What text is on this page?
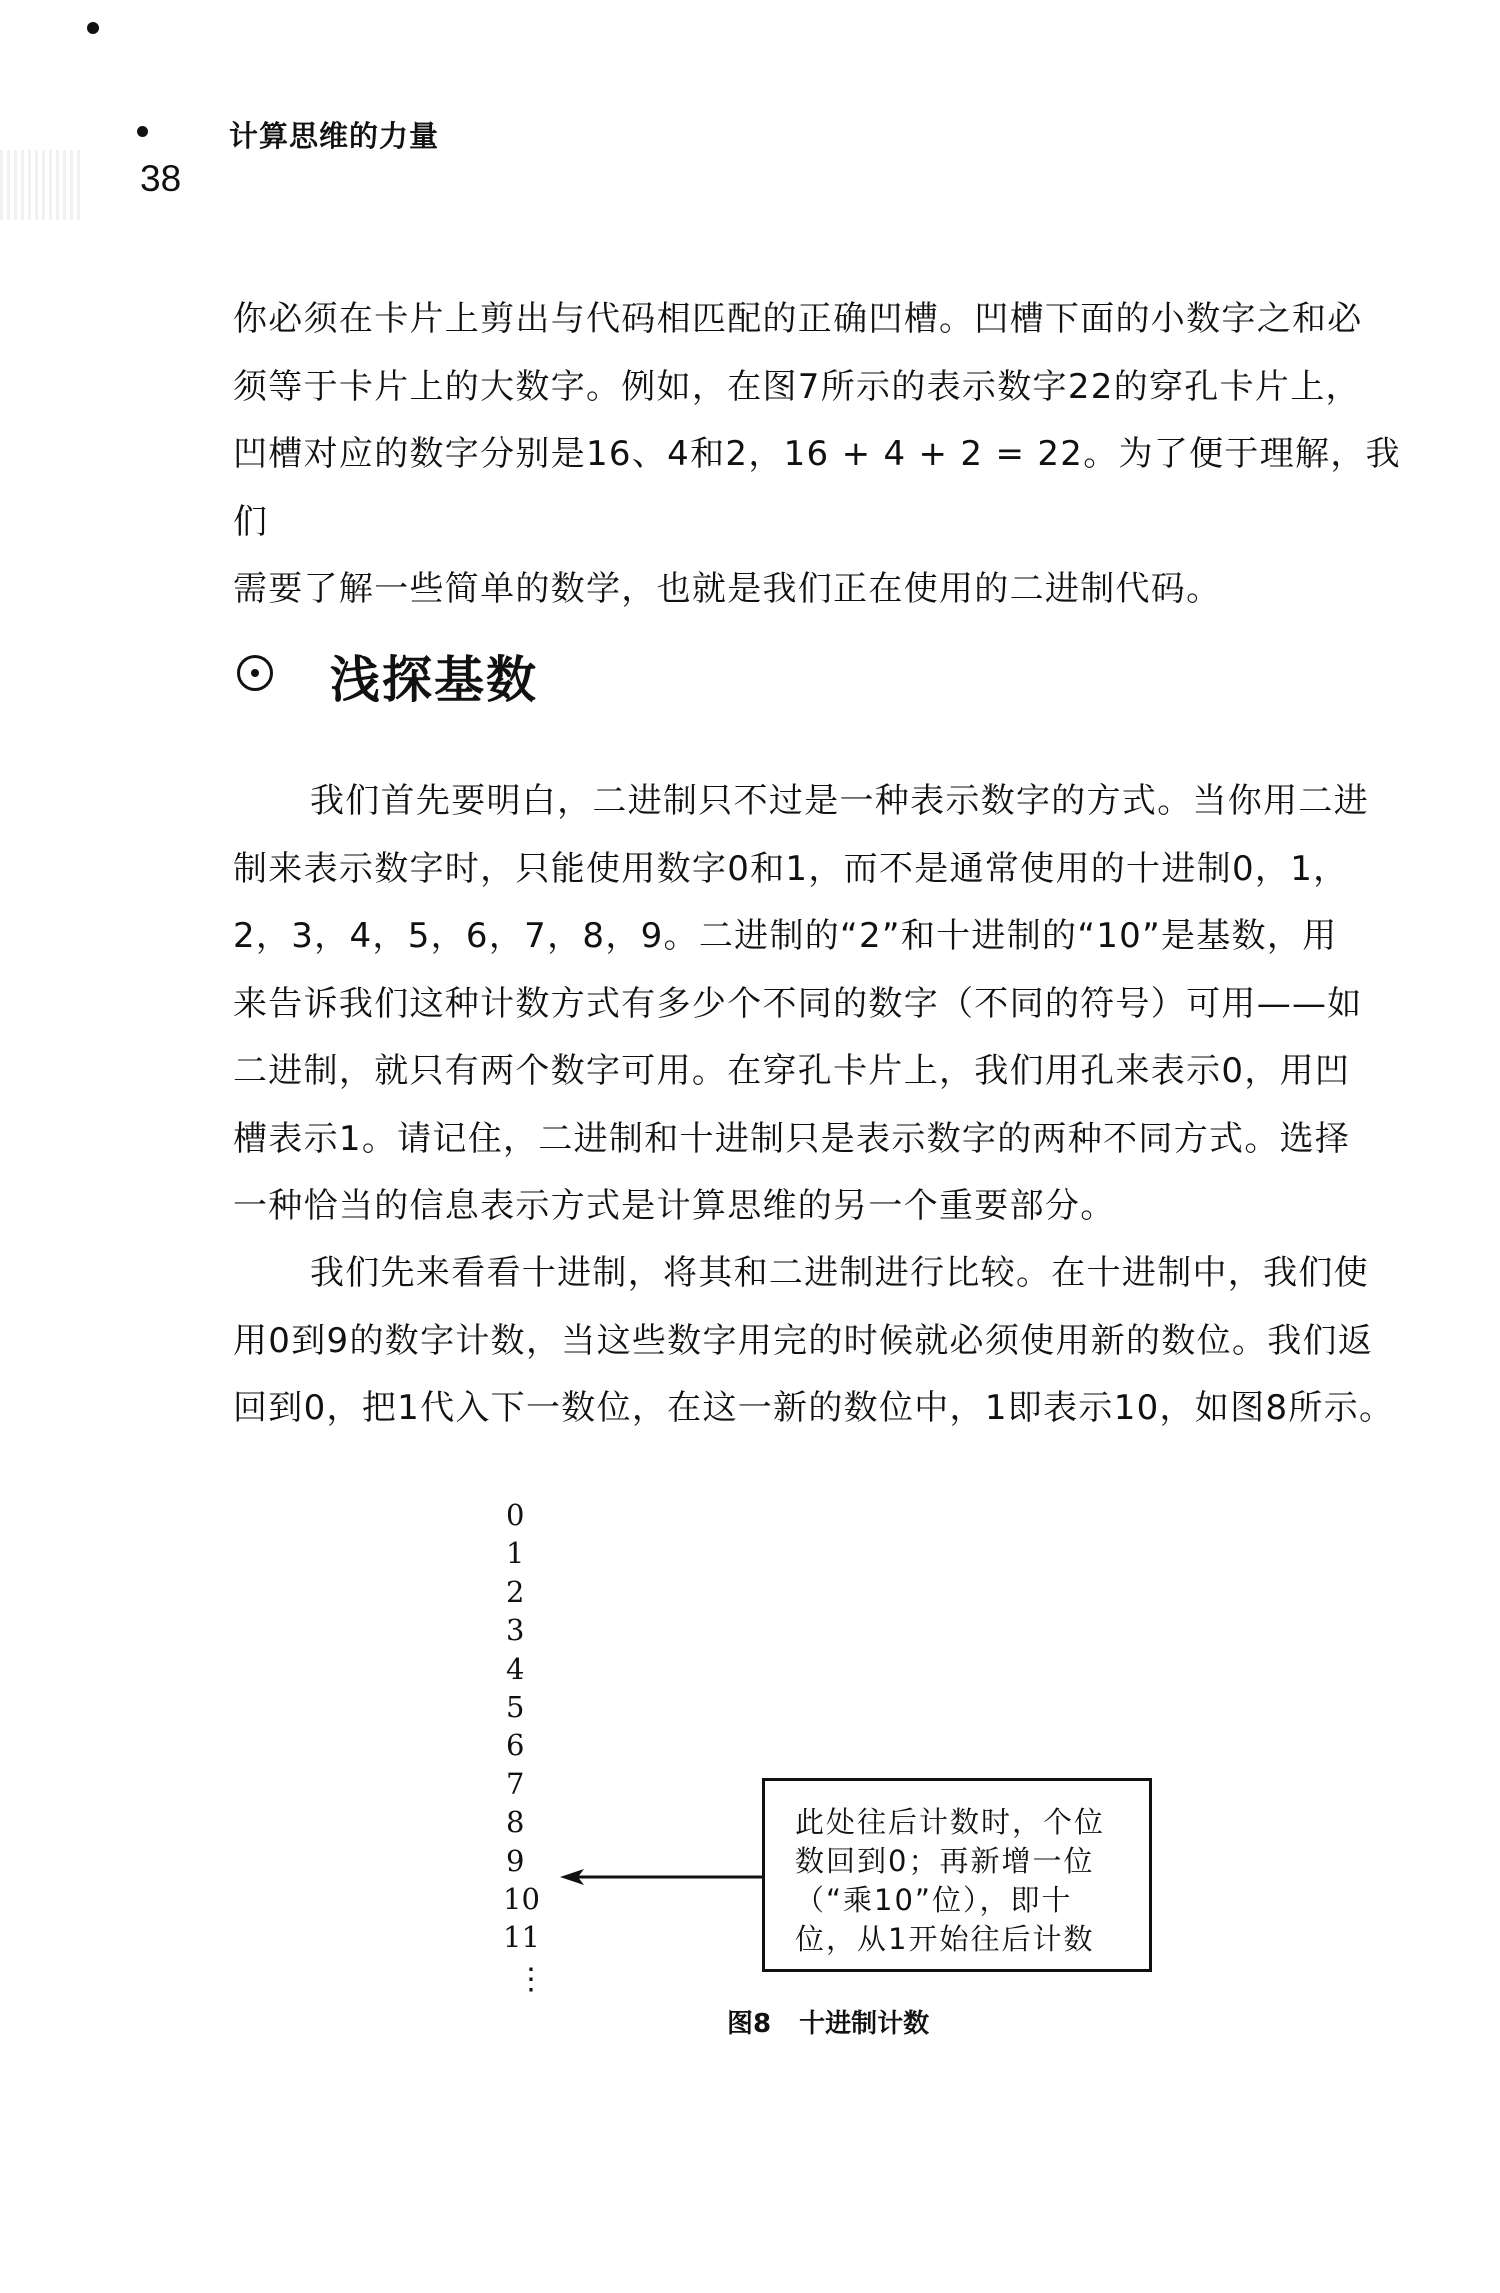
计算思维的力量
38

你必须在卡片上剪出与代码相匹配的正确凹槽。凹槽下面的小数字之和必

须等于卡片上的大数字。例如，在图7所示的表示数字22的穿孔卡片上，

凹槽对应的数字分别是16、4和2，16 + 4 + 2 = 22。为了便于理解，我们

需要了解一些简单的数学，也就是我们正在使用的二进制代码。

浅探基数

我们首先要明白，二进制只不过是一种表示数字的方式。当你用二进

制来表示数字时，只能使用数字0和1，而不是通常使用的十进制0，1，

2，3，4，5，6，7，8，9。二进制的“2”和十进制的“10”是基数，用

来告诉我们这种计数方式有多少个不同的数字（不同的符号）可用——如

二进制，就只有两个数字可用。在穿孔卡片上，我们用孔来表示0，用凹

槽表示1。请记住，二进制和十进制只是表示数字的两种不同方式。选择

一种恰当的信息表示方式是计算思维的另一个重要部分。

我们先来看看十进制，将其和二进制进行比较。在十进制中，我们使

用0到9的数字计数，当这些数字用完的时候就必须使用新的数位。我们返

回到0，把1代入下一数位，在这一新的数位中，1即表示10，如图8所示。

0
1
2
3
4
5
6
7
8
9
10
11
⋮
此处往后计数时，个位
数回到0；再新增一位
（“乘10”位），即十
位，从1开始往后计数
图8 十进制计数
